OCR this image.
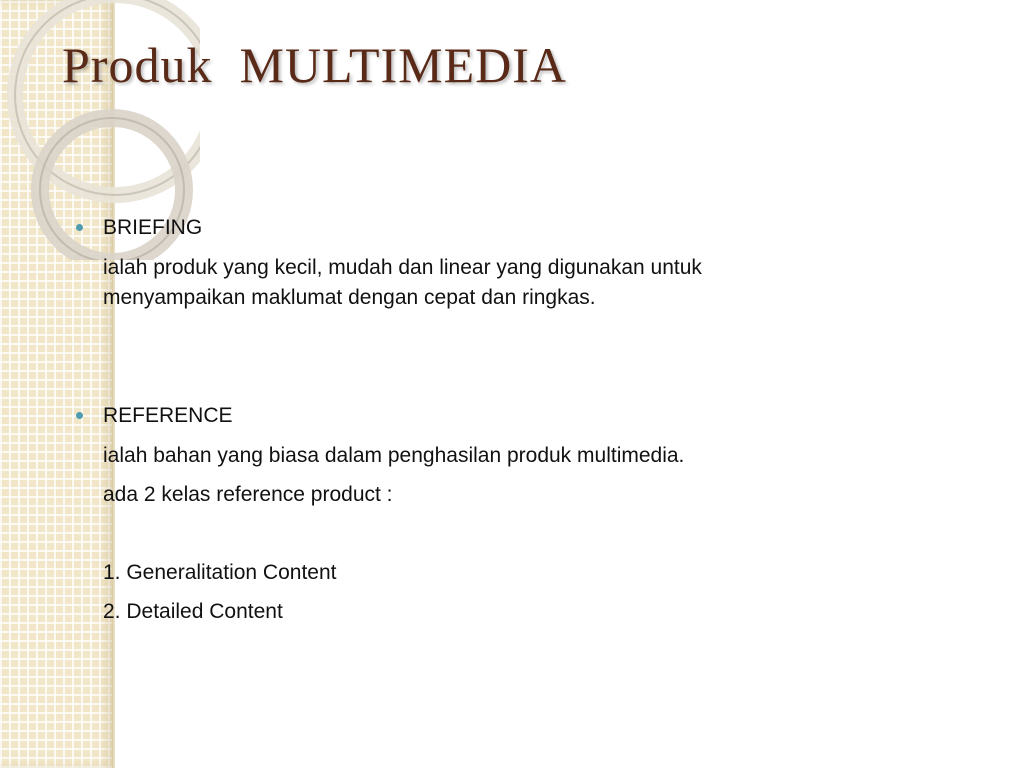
Produk  MULTIMEDIA
BRIEFING
ialah produk yang kecil, mudah dan linear yang digunakan untuk
menyampaikan maklumat dengan cepat dan ringkas.
REFERENCE
ialah bahan yang biasa dalam penghasilan produk multimedia.
ada 2 kelas reference product :
1. Generalitation Content
2. Detailed Content
